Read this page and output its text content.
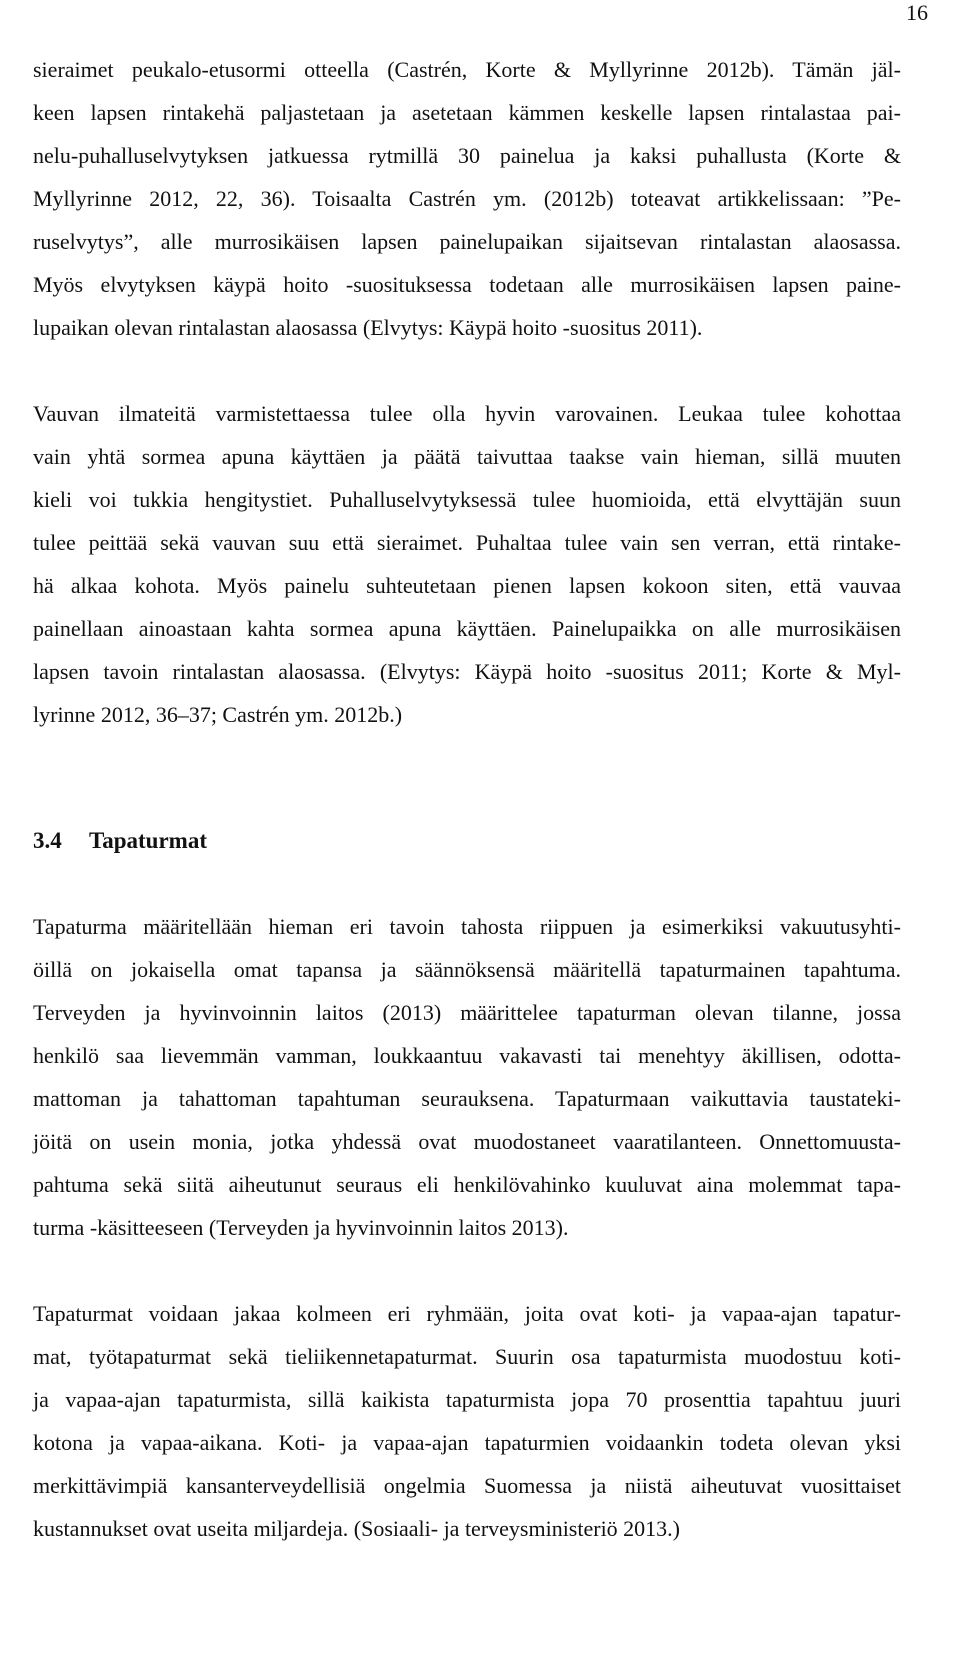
16
sieraimet peukalo-etusormi otteella (Castrén, Korte & Myllyrinne 2012b). Tämän jäl-
keen lapsen rintakehä paljastetaan ja asetetaan kämmen keskelle lapsen rintalastaa pai-
nelu-puhalluselvytyksen jatkuessa rytmillä 30 painelua ja kaksi puhallusta (Korte &
Myllyrinne 2012, 22, 36). Toisaalta Castrén ym. (2012b) toteavat artikkelissaan: ”Pe-
ruselvytys”, alle murrosikäisen lapsen painelupaikan sijaitsevan rintalastan alaosassa.
Myös elvytyksen käypä hoito -suosituksessa todetaan alle murrosikäisen lapsen paine-
lupaikan olevan rintalastan alaosassa (Elvytys: Käypä hoito -suositus 2011).
Vauvan ilmateitä varmistettaessa tulee olla hyvin varovainen. Leukaa tulee kohottaa
vain yhtä sormea apuna käyttäen ja päätä taivuttaa taakse vain hieman, sillä muuten
kieli voi tukkia hengitystiet. Puhalluselvytyksessä tulee huomioida, että elvyttäjän suun
tulee peittää sekä vauvan suu että sieraimet. Puhaltaa tulee vain sen verran, että rintake-
hä alkaa kohota. Myös painelu suhteutetaan pienen lapsen kokoon siten, että vauvaa
painellaan ainoastaan kahta sormea apuna käyttäen. Painelupaikka on alle murrosikäisen
lapsen tavoin rintalastan alaosassa. (Elvytys: Käypä hoito -suositus 2011; Korte & Myl-
lyrinne 2012, 36–37; Castrén ym. 2012b.)
3.4 Tapaturmat
Tapaturma määritellään hieman eri tavoin tahosta riippuen ja esimerkiksi vakuutusyhti-
öillä on jokaisella omat tapansa ja säännöksensä määritellä tapaturmainen tapahtuma.
Terveyden ja hyvinvoinnin laitos (2013) määrittelee tapaturman olevan tilanne, jossa
henkilö saa lievemmän vamman, loukkaantuu vakavasti tai menehtyy äkillisen, odotta-
mattoman ja tahattoman tapahtuman seurauksena. Tapaturmaan vaikuttavia taustateki-
jöitä on usein monia, jotka yhdessä ovat muodostaneet vaaratilanteen. Onnettomuusta-
pahtuma sekä siitä aiheutunut seuraus eli henkilövahinko kuuluvat aina molemmat tapa-
turma -käsitteeseen (Terveyden ja hyvinvoinnin laitos 2013).
Tapaturmat voidaan jakaa kolmeen eri ryhmään, joita ovat koti- ja vapaa-ajan tapatur-
mat, työtapaturmat sekä tieliikennetapaturmat. Suurin osa tapaturmista muodostuu koti-
ja vapaa-ajan tapaturmista, sillä kaikista tapaturmista jopa 70 prosenttia tapahtuu juuri
kotona ja vapaa-aikana. Koti- ja vapaa-ajan tapaturmien voidaankin todeta olevan yksi
merkittävimpiä kansanterveydellisiä ongelmia Suomessa ja niistä aiheutuvat vuosittaiset
kustannukset ovat useita miljardeja. (Sosiaali- ja terveysministeriö 2013.)
